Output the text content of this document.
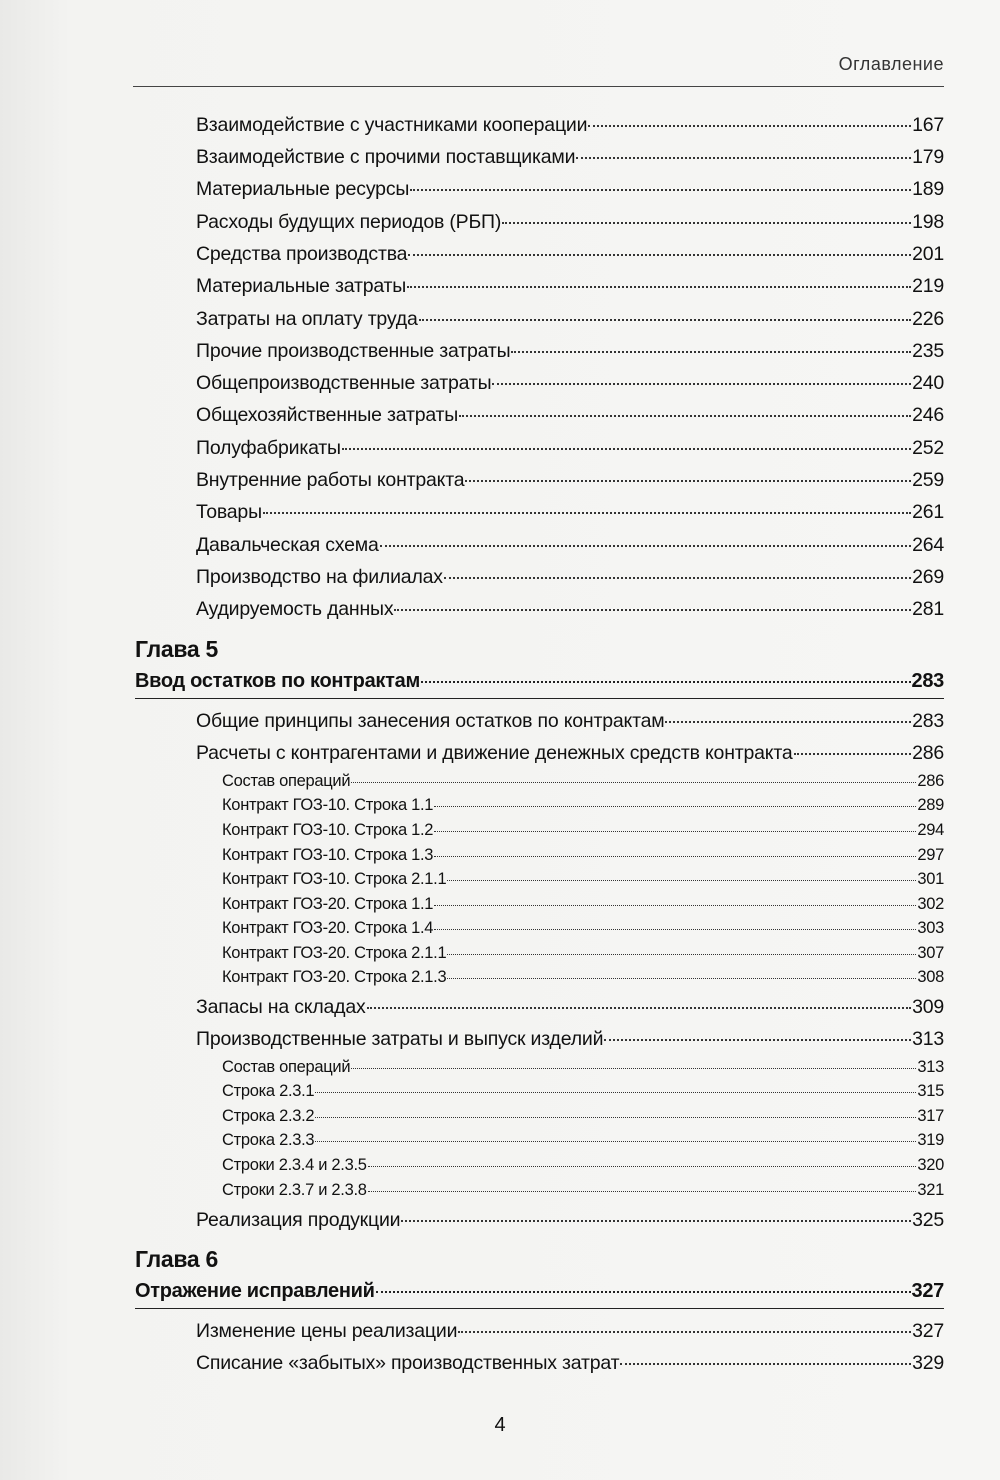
Оглавление
Взаимодействие с участниками кооперации	167
Взаимодействие с прочими поставщиками	179
Материальные ресурсы	189
Расходы будущих периодов (РБП)	198
Средства производства	201
Материальные затраты	219
Затраты на оплату труда	226
Прочие производственные затраты	235
Общепроизводственные затраты	240
Общехозяйственные затраты	246
Полуфабрикаты	252
Внутренние работы контракта	259
Товары	261
Давальческая схема	264
Производство на филиалах	269
Аудируемость данных	281
Глава 5
Ввод остатков по контрактам	283
Общие принципы занесения остатков по контрактам	283
Расчеты с контрагентами и движение денежных средств контракта	286
Состав операций	286
Контракт ГОЗ-10. Строка 1.1	289
Контракт ГОЗ-10. Строка 1.2	294
Контракт ГОЗ-10. Строка 1.3	297
Контракт ГОЗ-10. Строка 2.1.1	301
Контракт ГОЗ-20. Строка 1.1	302
Контракт ГОЗ-20. Строка 1.4	303
Контракт ГОЗ-20. Строка 2.1.1	307
Контракт ГОЗ-20. Строка 2.1.3	308
Запасы на складах	309
Производственные затраты и выпуск изделий	313
Состав операций	313
Строка 2.3.1	315
Строка 2.3.2	317
Строка 2.3.3	319
Строки 2.3.4 и 2.3.5	320
Строки 2.3.7 и 2.3.8	321
Реализация продукции	325
Глава 6
Отражение исправлений	327
Изменение цены реализации	327
Списание «забытых» производственных затрат	329
4
